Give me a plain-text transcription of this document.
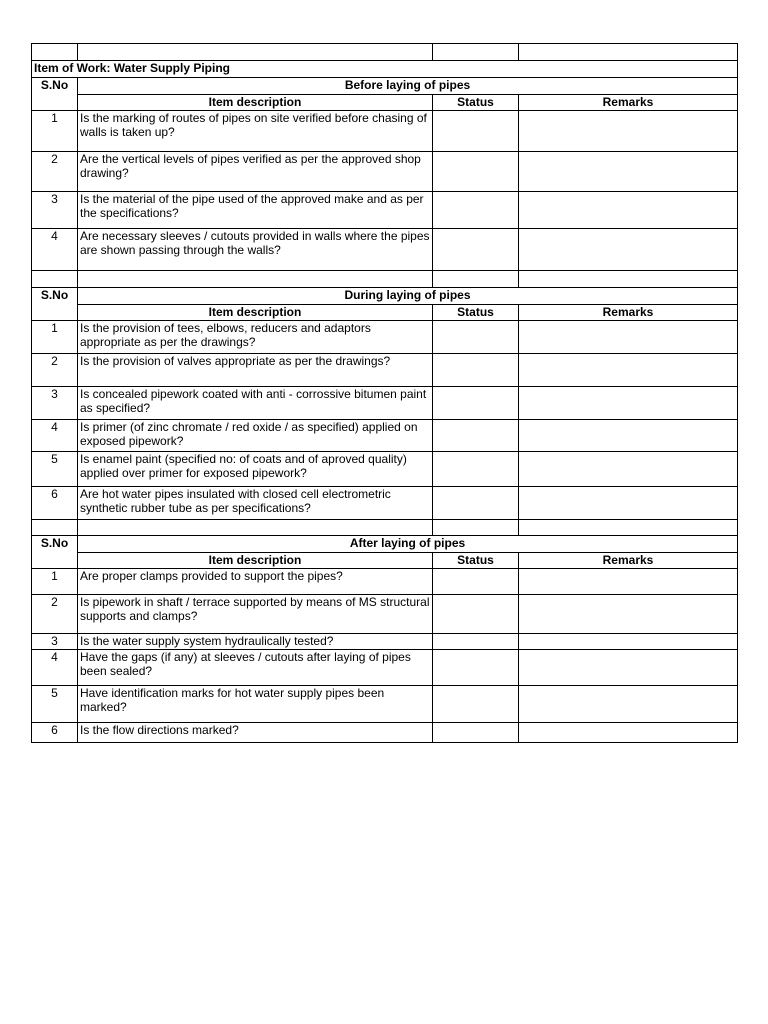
Item of Work: Water Supply Piping			
S.No	Before laying of pipes		
	Item description	Status	Remarks
1	Is the marking of routes of pipes on site verified before chasing of walls is taken up?		
2	Are the vertical levels of pipes verified as per the approved shop drawing?		
3	Is the material of the pipe used of the approved make and as per the specifications?		
4	Are necessary sleeves / cutouts provided in walls where the pipes are shown passing through the walls?		

S.No	During laying of pipes		
	Item description	Status	Remarks
1	Is the provision of tees, elbows, reducers and adaptors appropriate as per the drawings?		
2	Is the provision of valves appropriate as per the drawings?		
3	Is concealed pipework coated with anti - corrossive bitumen paint as specified?		
4	Is primer (of zinc chromate / red oxide / as specified) applied on exposed pipework?		
5	Is enamel paint (specified no: of coats and of aproved quality) applied over primer for exposed pipework?		
6	Are hot water pipes insulated with closed cell electrometric synthetic rubber tube as per specifications?		

S.No	After laying of pipes		
	Item description	Status	Remarks
1	Are proper clamps provided to support the pipes?		
2	Is pipework in shaft / terrace supported by means of MS structural supports and clamps?		
3	Is the water supply system hydraulically tested?		
4	Have the gaps (if any) at sleeves / cutouts after laying of pipes been sealed?		
5	Have identification marks for hot water supply pipes been marked?		
6	Is the flow directions marked?		
